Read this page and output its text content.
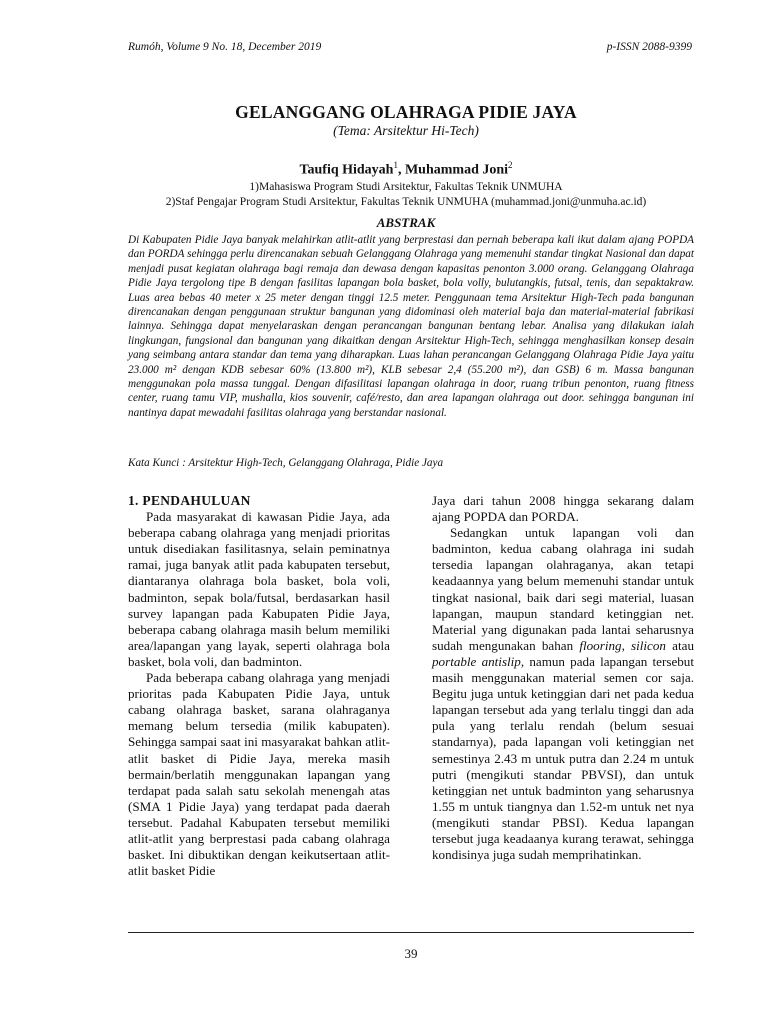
Rumóh, Volume 9 No. 18, December 2019	p-ISSN 2088-9399
GELANGGANG OLAHRAGA PIDIE JAYA
(Tema: Arsitektur Hi-Tech)
Taufiq Hidayah$^1$, Muhammad Joni$^2$
1)Mahasiswa Program Studi Arsitektur, Fakultas Teknik UNMUHA
2)Staf Pengajar Program Studi Arsitektur, Fakultas Teknik UNMUHA (muhammad.joni@unmuha.ac.id)
ABSTRAK
Di Kabupaten Pidie Jaya banyak melahirkan atlit-atlit yang berprestasi dan pernah beberapa kali ikut dalam ajang POPDA dan PORDA sehingga perlu direncanakan sebuah Gelanggang Olahraga yang memenuhi standar tingkat Nasional dan dapat menjadi pusat kegiatan olahraga bagi remaja dan dewasa dengan kapasitas penonton 3.000 orang. Gelanggang Olahraga Pidie Jaya tergolong tipe B dengan fasilitas lapangan bola basket, bola volly, bulutangkis, futsal, tenis, dan sepaktakraw. Luas area bebas 40 meter x 25 meter dengan tinggi 12.5 meter. Penggunaan tema Arsitektur High-Tech pada bangunan direncanakan dengan penggunaan struktur bangunan yang didominasi oleh material baja dan material-material fabrikasi lainnya. Sehingga dapat menyelaraskan dengan perancangan bangunan bentang lebar. Analisa yang dilakukan ialah lingkungan, fungsional dan bangunan yang dikaitkan dengan Arsitektur High-Tech, sehingga menghasilkan konsep desain yang seimbang antara standar dan tema yang diharapkan. Luas lahan perancangan Gelanggang Olahraga Pidie Jaya yaitu 23.000 m² dengan KDB sebesar 60% (13.800 m²), KLB sebesar 2,4 (55.200 m²), dan GSB) 6 m. Massa bangunan menggunakan pola massa tunggal. Dengan difasilitasi lapangan olahraga in door, ruang tribun penonton, ruang fitness center, ruang tamu VIP, mushalla, kios souvenir, café/resto, dan area lapangan olahraga out door. sehingga bangunan ini nantinya dapat mewadahi fasilitas olahraga yang berstandar nasional.
Kata Kunci : Arsitektur High-Tech, Gelanggang Olahraga, Pidie Jaya
1. PENDAHULUAN

Pada masyarakat di kawasan Pidie Jaya, ada beberapa cabang olahraga yang menjadi prioritas untuk disediakan fasilitasnya, selain peminatnya ramai, juga banyak atlit pada kabupaten tersebut, diantaranya olahraga bola basket, bola voli, badminton, sepak bola/futsal, berdasarkan hasil survey lapangan pada Kabupaten Pidie Jaya, beberapa cabang olahraga masih belum memiliki area/lapangan yang layak, seperti olahraga bola basket, bola voli, dan badminton.

Pada beberapa cabang olahraga yang menjadi prioritas pada Kabupaten Pidie Jaya, untuk cabang olahraga basket, sarana olahraganya memang belum tersedia (milik kabupaten). Sehingga sampai saat ini masyarakat bahkan atlit-atlit basket di Pidie Jaya, mereka masih bermain/berlatih menggunakan lapangan yang terdapat pada salah satu sekolah menengah atas (SMA 1 Pidie Jaya) yang terdapat pada daerah tersebut. Padahal Kabupaten tersebut memiliki atlit-atlit yang berprestasi pada cabang olahraga basket. Ini dibuktikan dengan keikutsertaan atlit-atlit basket Pidie

Jaya dari tahun 2008 hingga sekarang dalam ajang POPDA dan PORDA.

Sedangkan untuk lapangan voli dan badminton, kedua cabang olahraga ini sudah tersedia lapangan olahraganya, akan tetapi keadaannya yang belum memenuhi standar untuk tingkat nasional, baik dari segi material, luasan lapangan, maupun standard ketinggian net. Material yang digunakan pada lantai seharusnya sudah mengunakan bahan flooring, silicon atau portable antislip, namun pada lapangan tersebut masih menggunakan material semen cor saja. Begitu juga untuk ketinggian dari net pada kedua lapangan tersebut ada yang terlalu tinggi dan ada pula yang terlalu rendah (belum sesuai standarnya), pada lapangan voli ketinggian net semestinya 2.43 m untuk putra dan 2.24 m untuk putri (mengikuti standar PBVSI), dan untuk ketinggian net untuk badminton yang seharusnya 1.55 m untuk tiangnya dan 1.52-m untuk net nya (mengikuti standar PBSI). Kedua lapangan tersebut juga keadaanya kurang terawat, sehingga kondisinya juga sudah memprihatinkan.

39
